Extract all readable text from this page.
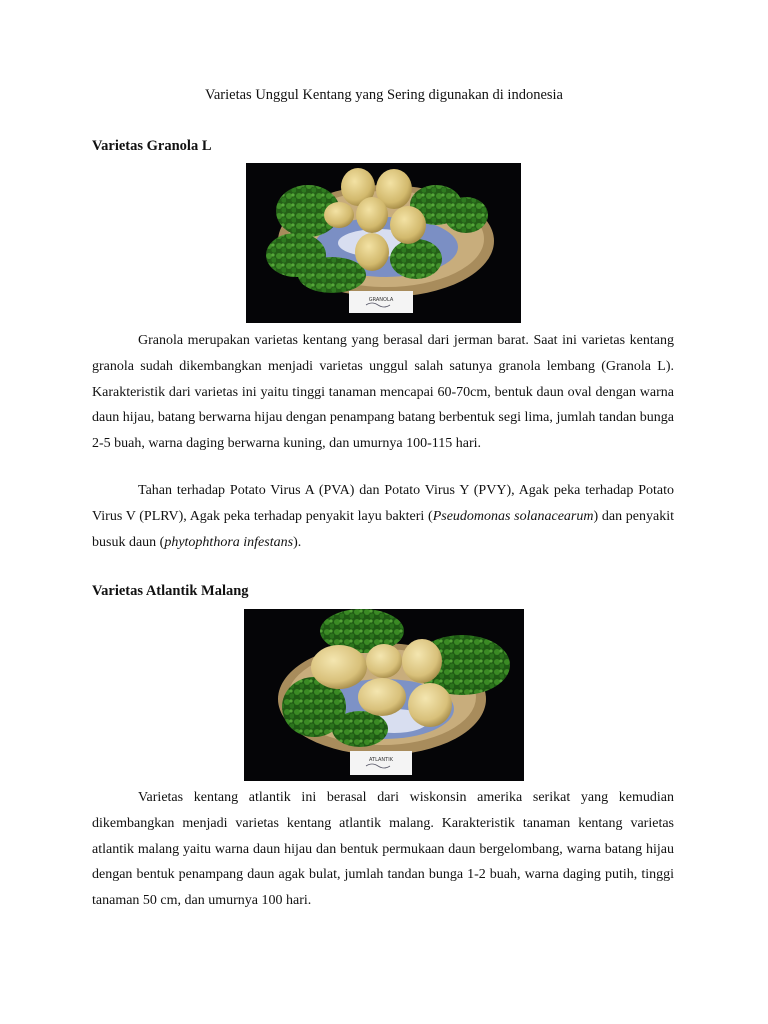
Varietas Unggul Kentang yang Sering digunakan di indonesia
Varietas Granola L
GRANOLA

Granola merupakan varietas kentang yang berasal dari jerman barat. Saat ini varietas kentang granola sudah dikembangkan menjadi varietas unggul salah satunya granola lembang (Granola L). Karakteristik dari varietas ini yaitu tinggi tanaman mencapai 60-70cm, bentuk daun oval dengan warna daun hijau, batang berwarna hijau dengan penampang batang berbentuk segi lima, jumlah tandan bunga 2-5 buah, warna daging berwarna kuning, dan umurnya 100-115 hari.

Tahan terhadap Potato Virus A (PVA) dan Potato Virus Y (PVY), Agak peka terhadap Potato Virus V (PLRV), Agak peka terhadap penyakit layu bakteri (Pseudomonas solanacearum) dan penyakit busuk daun (phytophthora infestans).

Varietas Atlantik Malang
ATLANTIK

Varietas kentang atlantik ini berasal dari wiskonsin amerika serikat yang kemudian dikembangkan menjadi varietas kentang atlantik malang. Karakteristik tanaman kentang varietas atlantik malang yaitu warna daun hijau dan bentuk permukaan daun bergelombang, warna batang hijau dengan bentuk penampang daun agak bulat, jumlah tandan bunga 1-2 buah, warna daging putih, tinggi tanaman 50 cm, dan umurnya 100 hari.
